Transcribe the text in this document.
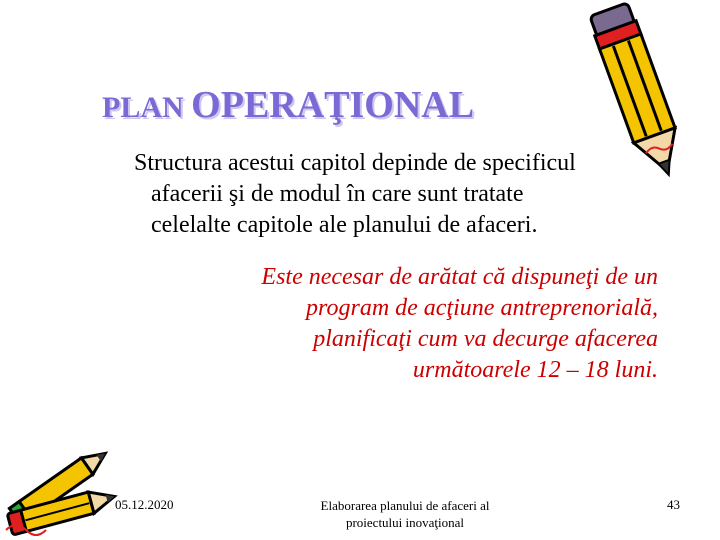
PLAN OPERAŢIONAL

Structura acestui capitol depinde de specificul
afacerii şi de modul în care sunt tratate
celelalte capitole ale planului de afaceri.

Este necesar de arătat că dispuneţi de un
program de acţiune antreprenorială,
planificaţi cum va decurge afacerea
următoarele 12 – 18 luni.

05.12.2020	Elaborarea planului de afaceri al
proiectului inovaţional
43
